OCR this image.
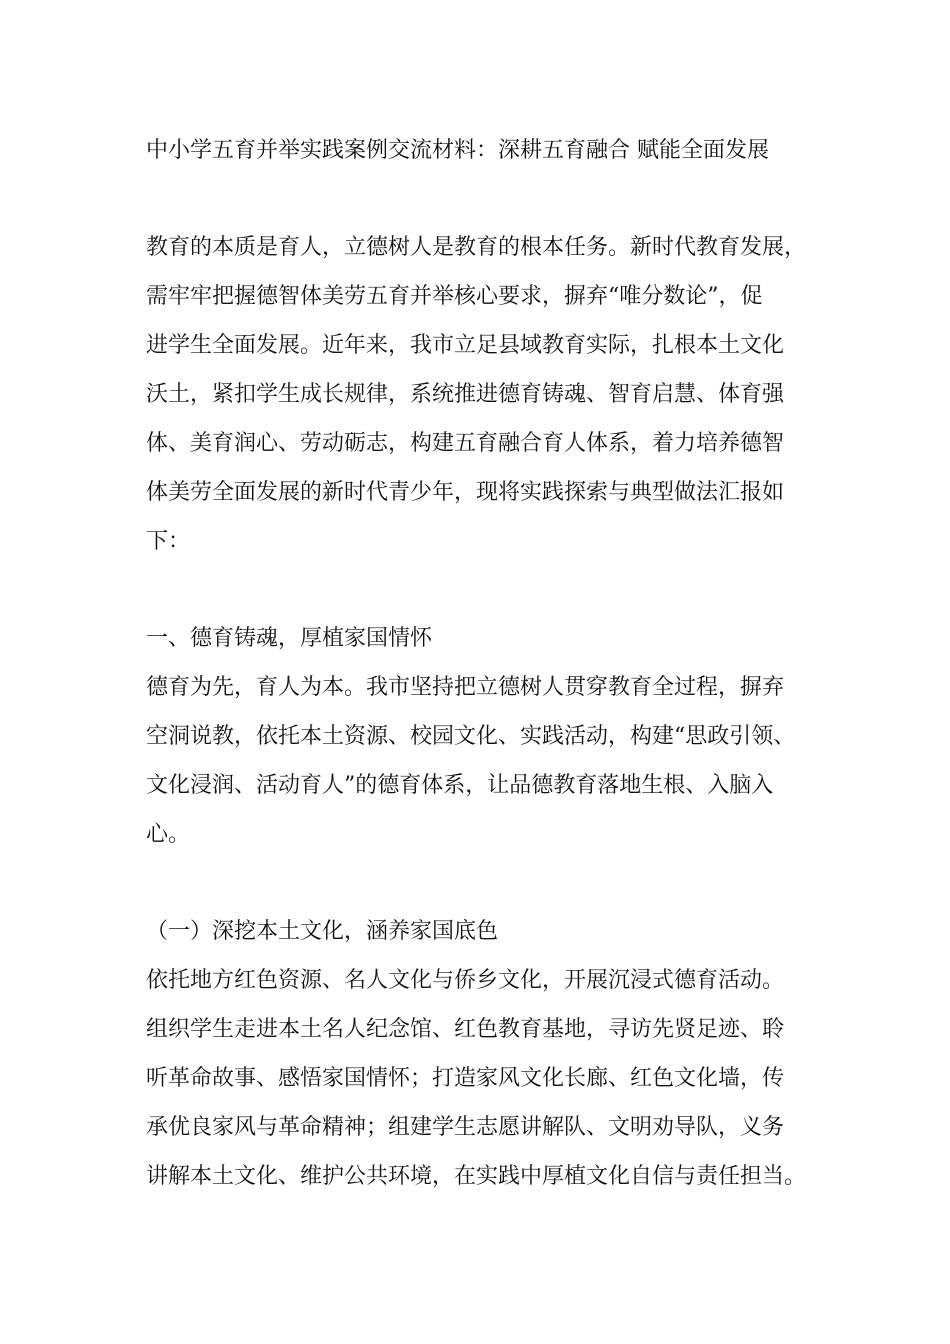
中小学五育并举实践案例交流材料：深耕五育融合 赋能全面发展
教育的本质是育人，立德树人是教育的根本任务。新时代教育发展，
需牢牢把握德智体美劳五育并举核心要求，摒弃“唯分数论”，促
进学生全面发展。近年来，我市立足县域教育实际，扎根本土文化
沃土，紧扣学生成长规律，系统推进德育铸魂、智育启慧、体育强
体、美育润心、劳动砺志，构建五育融合育人体系，着力培养德智
体美劳全面发展的新时代青少年，现将实践探索与典型做法汇报如
下：
一、德育铸魂，厚植家国情怀
德育为先，育人为本。我市坚持把立德树人贯穿教育全过程，摒弃
空洞说教，依托本土资源、校园文化、实践活动，构建“思政引领、
文化浸润、活动育人”的德育体系，让品德教育落地生根、入脑入
心。
（一）深挖本土文化，涵养家国底色
依托地方红色资源、名人文化与侨乡文化，开展沉浸式德育活动。
组织学生走进本土名人纪念馆、红色教育基地，寻访先贤足迹、聆
听革命故事、感悟家国情怀；打造家风文化长廊、红色文化墙，传
承优良家风与革命精神；组建学生志愿讲解队、文明劝导队，义务
讲解本土文化、维护公共环境，在实践中厚植文化自信与责任担当。
